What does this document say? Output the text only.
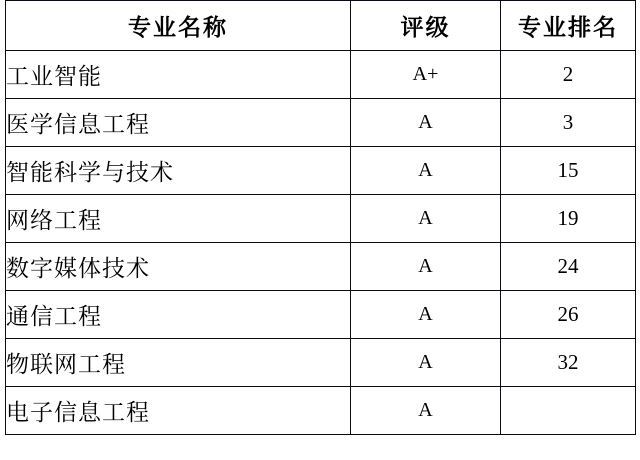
专业名称	评级	专业排名
工业智能	A+	2
医学信息工程	A	3
智能科学与技术	A	15
网络工程	A	19
数字媒体技术	A	24
通信工程	A	26
物联网工程	A	32
电子信息工程	A	
